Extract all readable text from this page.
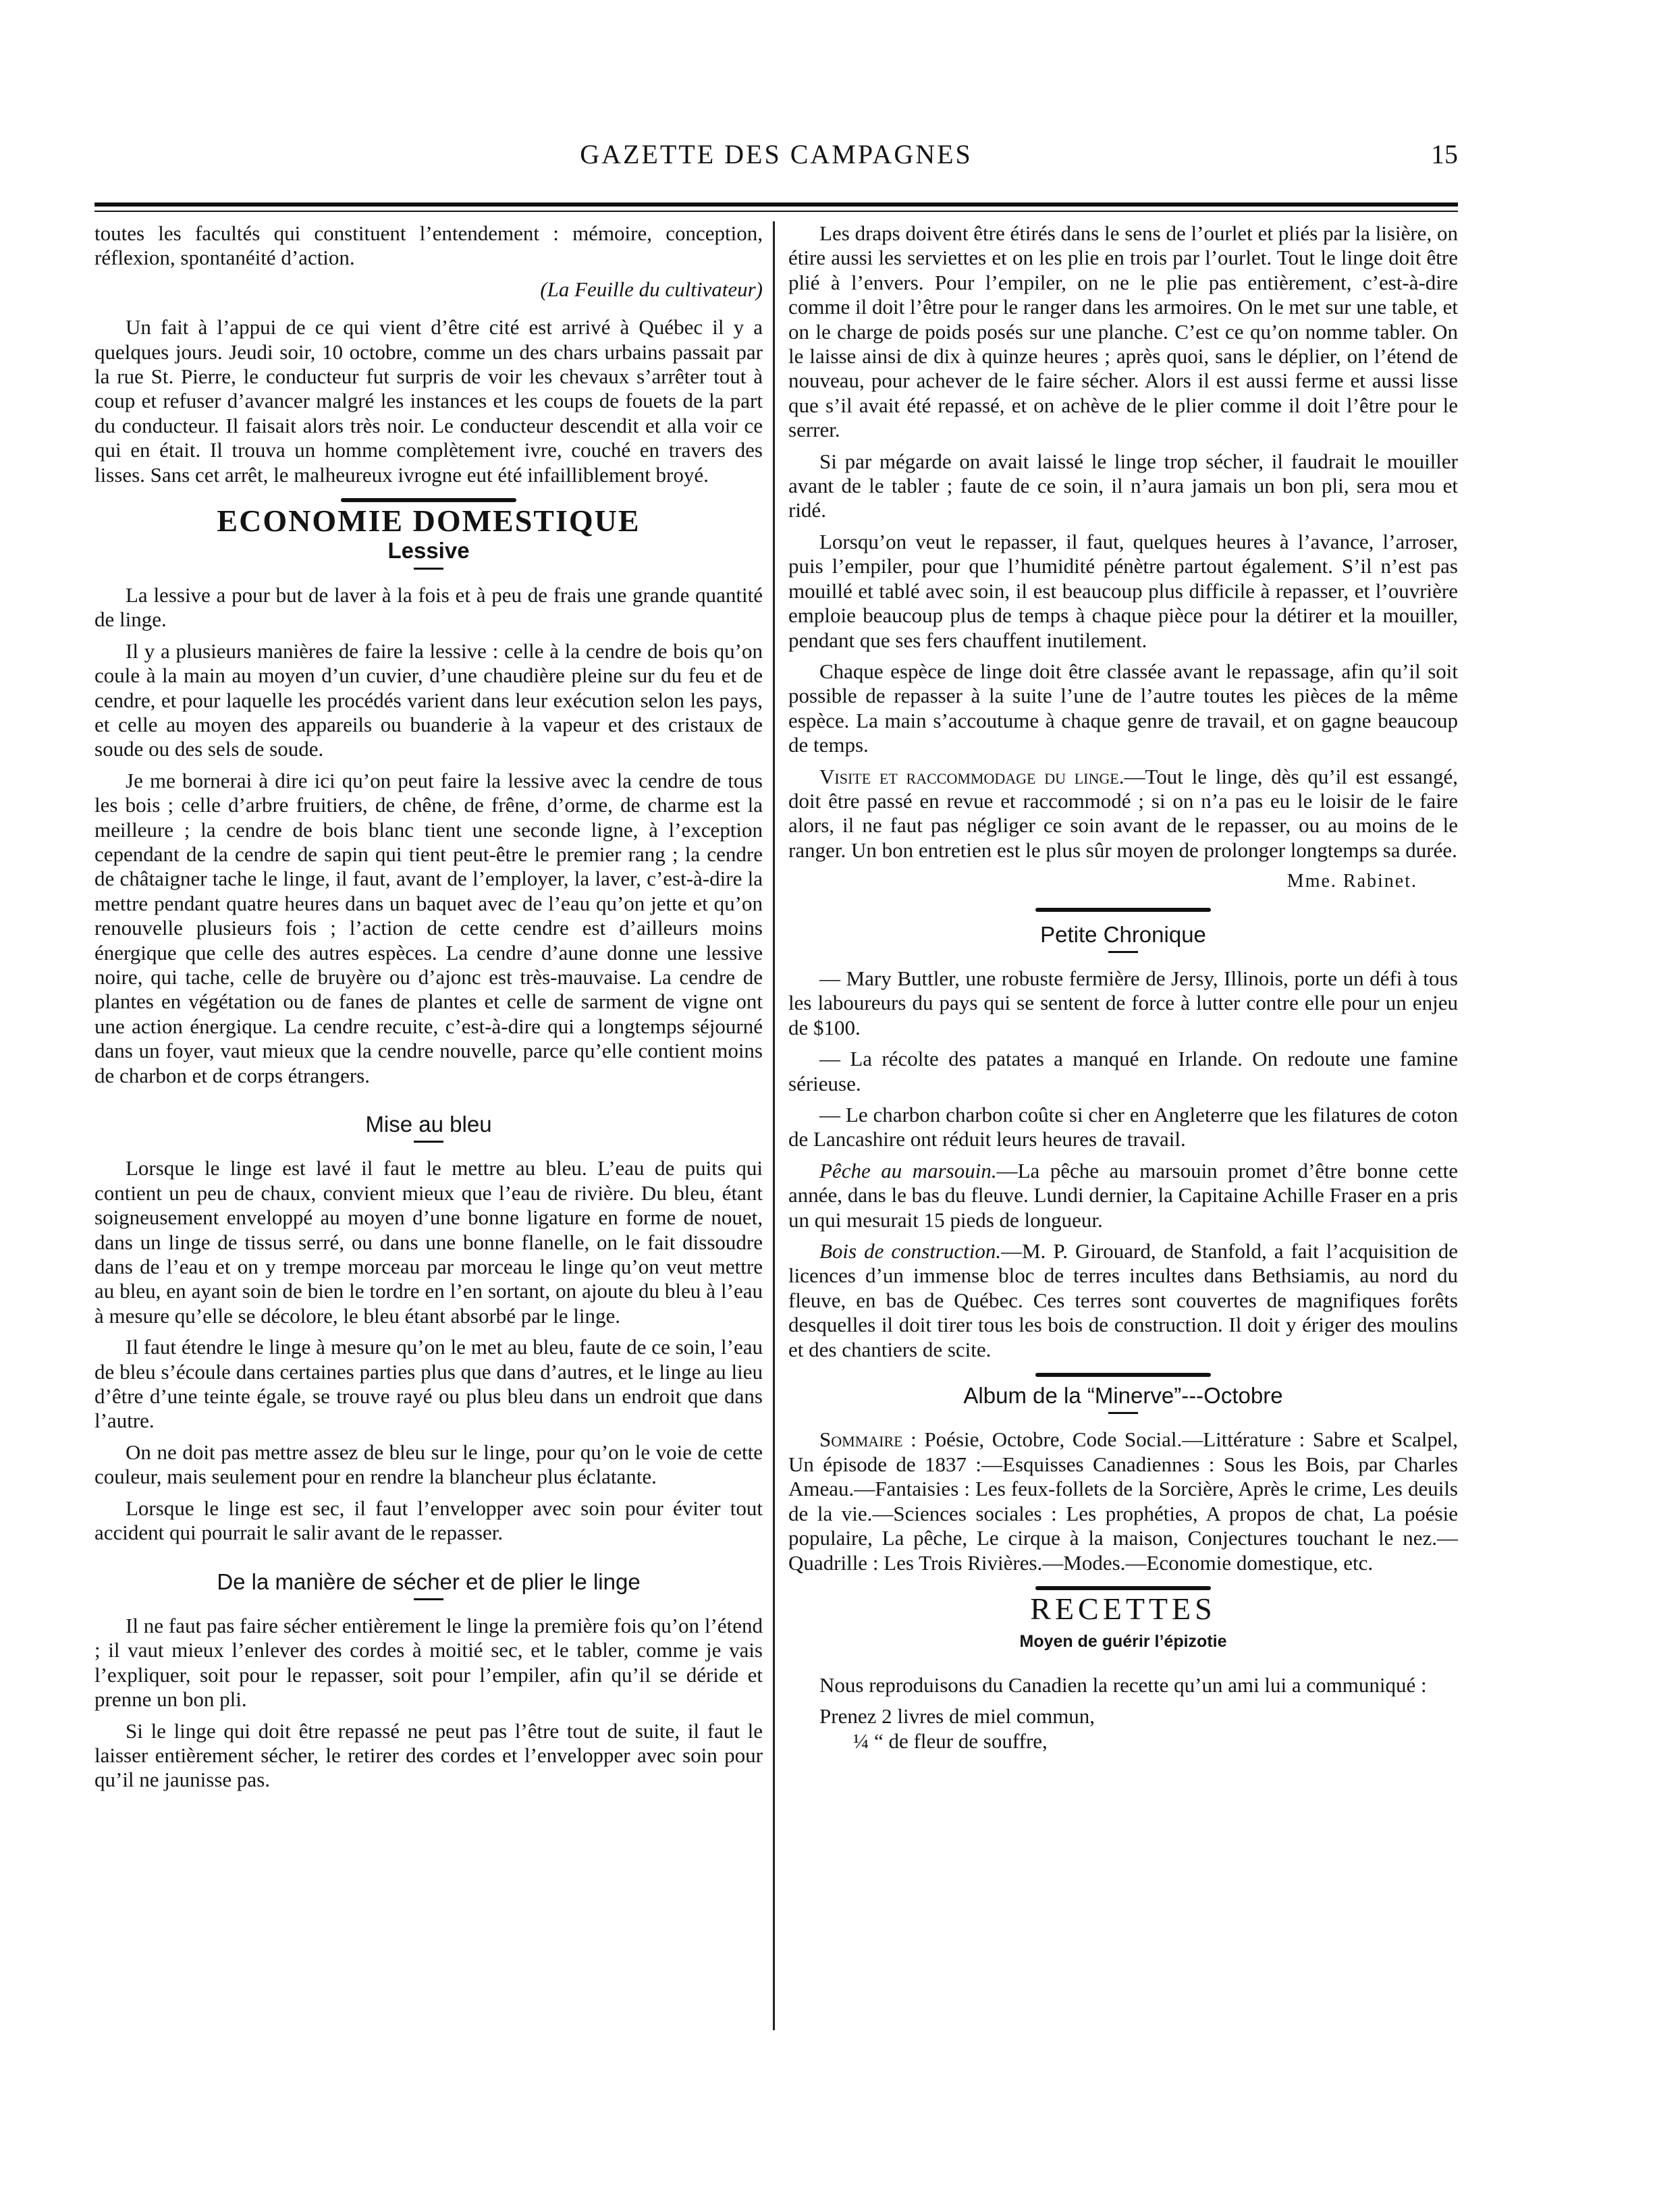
GAZETTE DES CAMPAGNES	15

toutes les facultés qui constituent l’entendement : mémoire, conception, réflexion, spontanéité d’action.

(La Feuille du cultivateur)

Un fait à l’appui de ce qui vient d’être cité est arrivé à Québec il y a quelques jours. Jeudi soir, 10 octobre, comme un des chars urbains passait par la rue St. Pierre, le conducteur fut surpris de voir les chevaux s’arrêter tout à coup et refuser d’avancer malgré les instances et les coups de fouets de la part du conducteur. Il faisait alors très noir. Le conducteur descendit et alla voir ce qui en était. Il trouva un homme complètement ivre, couché en travers des lisses. Sans cet arrêt, le malheureux ivrogne eut été infailliblement broyé.

ECONOMIE DOMESTIQUE
Lessive

La lessive a pour but de laver à la fois et à peu de frais une grande quantité de linge.

Il y a plusieurs manières de faire la lessive : celle à la cendre de bois qu’on coule à la main au moyen d’un cuvier, d’une chaudière pleine sur du feu et de cendre, et pour laquelle les procédés varient dans leur exécution selon les pays, et celle au moyen des appareils ou buanderie à la vapeur et des cristaux de soude ou des sels de soude.

Je me bornerai à dire ici qu’on peut faire la lessive avec la cendre de tous les bois ; celle d’arbre fruitiers, de chêne, de frêne, d’orme, de charme est la meilleure ; la cendre de bois blanc tient une seconde ligne, à l’exception cependant de la cendre de sapin qui tient peut-être le premier rang ; la cendre de châtaigner tache le linge, il faut, avant de l’employer, la laver, c’est-à-dire la mettre pendant quatre heures dans un baquet avec de l’eau qu’on jette et qu’on renouvelle plusieurs fois ; l’action de cette cendre est d’ailleurs moins énergique que celle des autres espèces. La cendre d’aune donne une lessive noire, qui tache, celle de bruyère ou d’ajonc est très-mauvaise. La cendre de plantes en végétation ou de fanes de plantes et celle de sarment de vigne ont une action énergique. La cendre recuite, c’est-à-dire qui a longtemps séjourné dans un foyer, vaut mieux que la cendre nouvelle, parce qu’elle contient moins de charbon et de corps étrangers.

Mise au bleu

Lorsque le linge est lavé il faut le mettre au bleu. L’eau de puits qui contient un peu de chaux, convient mieux que l’eau de rivière. Du bleu, étant soigneusement enveloppé au moyen d’une bonne ligature en forme de nouet, dans un linge de tissus serré, ou dans une bonne flanelle, on le fait dissoudre dans de l’eau et on y trempe morceau par morceau le linge qu’on veut mettre au bleu, en ayant soin de bien le tordre en l’en sortant, on ajoute du bleu à l’eau à mesure qu’elle se décolore, le bleu étant absorbé par le linge.

Il faut étendre le linge à mesure qu’on le met au bleu, faute de ce soin, l’eau de bleu s’écoule dans certaines parties plus que dans d’autres, et le linge au lieu d’être d’une teinte égale, se trouve rayé ou plus bleu dans un endroit que dans l’autre.

On ne doit pas mettre assez de bleu sur le linge, pour qu’on le voie de cette couleur, mais seulement pour en rendre la blancheur plus éclatante.

Lorsque le linge est sec, il faut l’envelopper avec soin pour éviter tout accident qui pourrait le salir avant de le repasser.

De la manière de sécher et de plier le linge

Il ne faut pas faire sécher entièrement le linge la première fois qu’on l’étend ; il vaut mieux l’enlever des cordes à moitié sec, et le tabler, comme je vais l’expliquer, soit pour le repasser, soit pour l’empiler, afin qu’il se déride et prenne un bon pli.

Si le linge qui doit être repassé ne peut pas l’être tout de suite, il faut le laisser entièrement sécher, le retirer des cordes et l’envelopper avec soin pour qu’il ne jaunisse pas.

Les draps doivent être étirés dans le sens de l’ourlet et pliés par la lisière, on étire aussi les serviettes et on les plie en trois par l’ourlet. Tout le linge doit être plié à l’envers. Pour l’empiler, on ne le plie pas entièrement, c’est-à-dire comme il doit l’être pour le ranger dans les armoires. On le met sur une table, et on le charge de poids posés sur une planche. C’est ce qu’on nomme tabler. On le laisse ainsi de dix à quinze heures ; après quoi, sans le déplier, on l’étend de nouveau, pour achever de le faire sécher. Alors il est aussi ferme et aussi lisse que s’il avait été repassé, et on achève de le plier comme il doit l’être pour le serrer.

Si par mégarde on avait laissé le linge trop sécher, il faudrait le mouiller avant de le tabler ; faute de ce soin, il n’aura jamais un bon pli, sera mou et ridé.

Lorsqu’on veut le repasser, il faut, quelques heures à l’avance, l’arroser, puis l’empiler, pour que l’humidité pénètre partout également. S’il n’est pas mouillé et tablé avec soin, il est beaucoup plus difficile à repasser, et l’ouvrière emploie beaucoup plus de temps à chaque pièce pour la détirer et la mouiller, pendant que ses fers chauffent inutilement.

Chaque espèce de linge doit être classée avant le repassage, afin qu’il soit possible de repasser à la suite l’une de l’autre toutes les pièces de la même espèce. La main s’accoutume à chaque genre de travail, et on gagne beaucoup de temps.

Visite et raccommodage du linge.—Tout le linge, dès qu’il est essangé, doit être passé en revue et raccommodé ; si on n’a pas eu le loisir de le faire alors, il ne faut pas négliger ce soin avant de le repasser, ou au moins de le ranger. Un bon entretien est le plus sûr moyen de prolonger longtemps sa durée.

Mme. Rabinet.
Petite Chronique
— Mary Buttler, une robuste fermière de Jersy, Illinois, porte un défi à tous les laboureurs du pays qui se sentent de force à lutter contre elle pour un enjeu de $100.
— La récolte des patates a manqué en Irlande. On redoute une famine sérieuse.
— Le charbon charbon coûte si cher en Angleterre que les filatures de coton de Lancashire ont réduit leurs heures de travail.

Pêche au marsouin.—La pêche au marsouin promet d’être bonne cette année, dans le bas du fleuve. Lundi dernier, la Capitaine Achille Fraser en a pris un qui mesurait 15 pieds de longueur.

Bois de construction.—M. P. Girouard, de Stanfold, a fait l’acquisition de licences d’un immense bloc de terres incultes dans Bethsiamis, au nord du fleuve, en bas de Québec. Ces terres sont couvertes de magnifiques forêts desquelles il doit tirer tous les bois de construction. Il doit y ériger des moulins et des chantiers de scite.

Album de la “Minerve”---Octobre

Sommaire : Poésie, Octobre, Code Social.—Littérature : Sabre et Scalpel, Un épisode de 1837 :—Esquisses Canadiennes : Sous les Bois, par Charles Ameau.—Fantaisies : Les feux-follets de la Sorcière, Après le crime, Les deuils de la vie.—Sciences sociales : Les prophéties, A propos de chat, La poésie populaire, La pêche, Le cirque à la maison, Conjectures touchant le nez.—Quadrille : Les Trois Rivières.—Modes.—Economie domestique, etc.

RECETTES
Moyen de guérir l’épizotie

Nous reproduisons du Canadien la recette qu’un ami lui a communiqué :

Prenez 2 livres de miel commun,
¼ “ de fleur de souffre,
